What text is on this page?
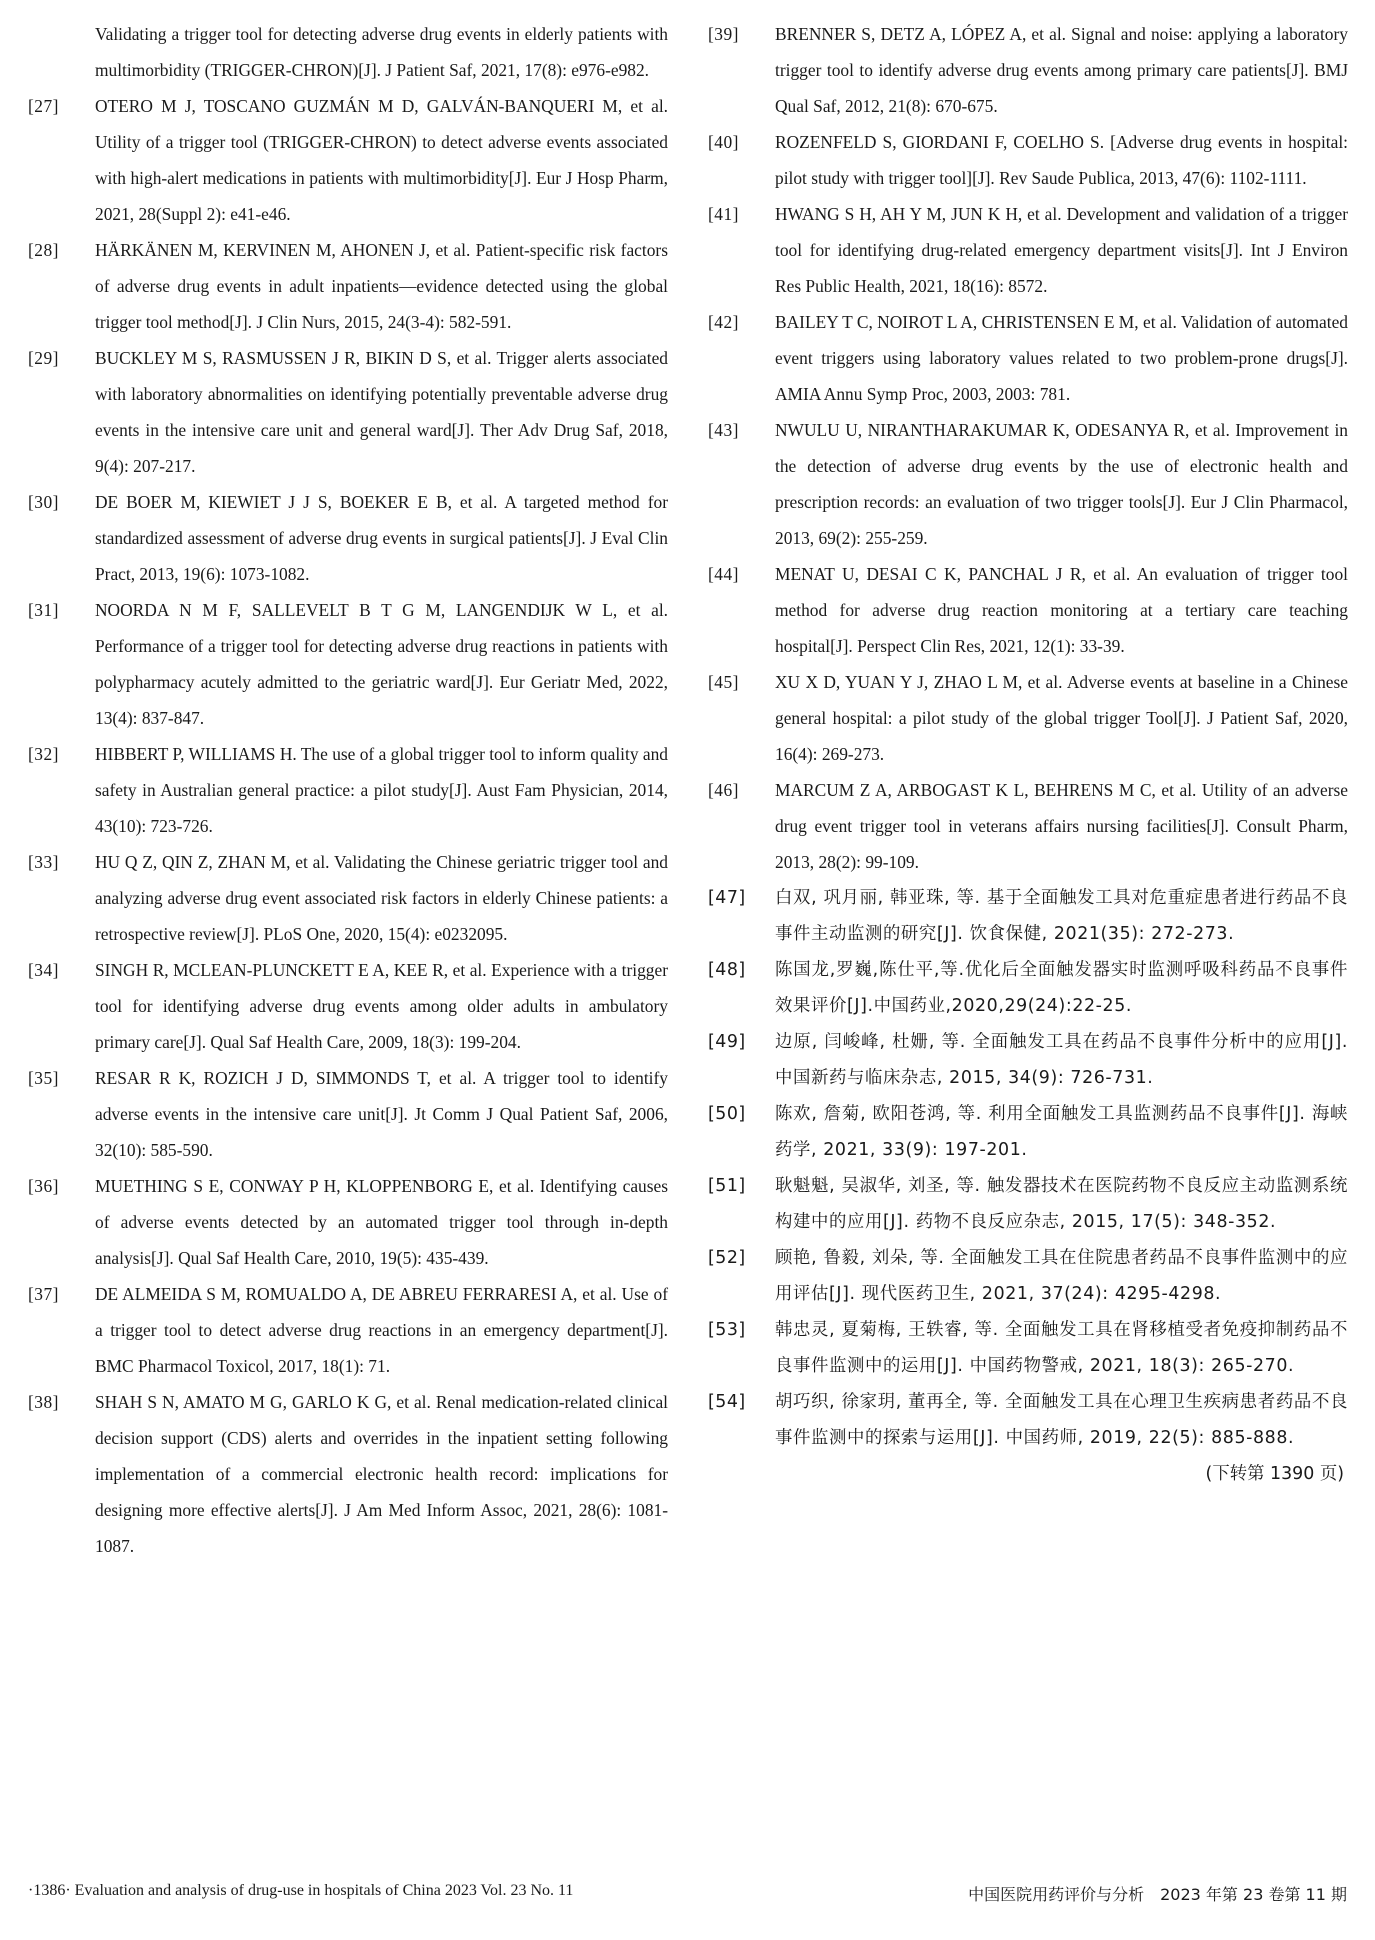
Validating a trigger tool for detecting adverse drug events in elderly patients with multimorbidity (TRIGGER-CHRON)[J]. J Patient Saf, 2021, 17(8): e976-e982.
[27]	OTERO M J, TOSCANO GUZMÁN M D, GALVÁN-BANQUERI M, et al. Utility of a trigger tool (TRIGGER-CHRON) to detect adverse events associated with high-alert medications in patients with multimorbidity[J]. Eur J Hosp Pharm, 2021, 28(Suppl 2): e41-e46.
[28]	HÄRKÄNEN M, KERVINEN M, AHONEN J, et al. Patient-specific risk factors of adverse drug events in adult inpatients—evidence detected using the global trigger tool method[J]. J Clin Nurs, 2015, 24(3-4): 582-591.
[29]	BUCKLEY M S, RASMUSSEN J R, BIKIN D S, et al. Trigger alerts associated with laboratory abnormalities on identifying potentially preventable adverse drug events in the intensive care unit and general ward[J]. Ther Adv Drug Saf, 2018, 9(4): 207-217.
[30]	DE BOER M, KIEWIET J J S, BOEKER E B, et al. A targeted method for standardized assessment of adverse drug events in surgical patients[J]. J Eval Clin Pract, 2013, 19(6): 1073-1082.
[31]	NOORDA N M F, SALLEVELT B T G M, LANGENDIJK W L, et al. Performance of a trigger tool for detecting adverse drug reactions in patients with polypharmacy acutely admitted to the geriatric ward[J]. Eur Geriatr Med, 2022, 13(4): 837-847.
[32]	HIBBERT P, WILLIAMS H. The use of a global trigger tool to inform quality and safety in Australian general practice: a pilot study[J]. Aust Fam Physician, 2014, 43(10): 723-726.
[33]	HU Q Z, QIN Z, ZHAN M, et al. Validating the Chinese geriatric trigger tool and analyzing adverse drug event associated risk factors in elderly Chinese patients: a retrospective review[J]. PLoS One, 2020, 15(4): e0232095.
[34]	SINGH R, MCLEAN-PLUNCKETT E A, KEE R, et al. Experience with a trigger tool for identifying adverse drug events among older adults in ambulatory primary care[J]. Qual Saf Health Care, 2009, 18(3): 199-204.
[35]	RESAR R K, ROZICH J D, SIMMONDS T, et al. A trigger tool to identify adverse events in the intensive care unit[J]. Jt Comm J Qual Patient Saf, 2006, 32(10): 585-590.
[36]	MUETHING S E, CONWAY P H, KLOPPENBORG E, et al. Identifying causes of adverse events detected by an automated trigger tool through in-depth analysis[J]. Qual Saf Health Care, 2010, 19(5): 435-439.
[37]	DE ALMEIDA S M, ROMUALDO A, DE ABREU FERRARESI A, et al. Use of a trigger tool to detect adverse drug reactions in an emergency department[J]. BMC Pharmacol Toxicol, 2017, 18(1): 71.
[38]	SHAH S N, AMATO M G, GARLO K G, et al. Renal medication-related clinical decision support (CDS) alerts and overrides in the inpatient setting following implementation of a commercial electronic health record: implications for designing more effective alerts[J]. J Am Med Inform Assoc, 2021, 28(6): 1081-1087.
[39]	BRENNER S, DETZ A, LÓPEZ A, et al. Signal and noise: applying a laboratory trigger tool to identify adverse drug events among primary care patients[J]. BMJ Qual Saf, 2012, 21(8): 670-675.
[40]	ROZENFELD S, GIORDANI F, COELHO S. [Adverse drug events in hospital: pilot study with trigger tool][J]. Rev Saude Publica, 2013, 47(6): 1102-1111.
[41]	HWANG S H, AH Y M, JUN K H, et al. Development and validation of a trigger tool for identifying drug-related emergency department visits[J]. Int J Environ Res Public Health, 2021, 18(16): 8572.
[42]	BAILEY T C, NOIROT L A, CHRISTENSEN E M, et al. Validation of automated event triggers using laboratory values related to two problem-prone drugs[J]. AMIA Annu Symp Proc, 2003, 2003: 781.
[43]	NWULU U, NIRANTHARAKUMAR K, ODESANYA R, et al. Improvement in the detection of adverse drug events by the use of electronic health and prescription records: an evaluation of two trigger tools[J]. Eur J Clin Pharmacol, 2013, 69(2): 255-259.
[44]	MENAT U, DESAI C K, PANCHAL J R, et al. An evaluation of trigger tool method for adverse drug reaction monitoring at a tertiary care teaching hospital[J]. Perspect Clin Res, 2021, 12(1): 33-39.
[45]	XU X D, YUAN Y J, ZHAO L M, et al. Adverse events at baseline in a Chinese general hospital: a pilot study of the global trigger Tool[J]. J Patient Saf, 2020, 16(4): 269-273.
[46]	MARCUM Z A, ARBOGAST K L, BEHRENS M C, et al. Utility of an adverse drug event trigger tool in veterans affairs nursing facilities[J]. Consult Pharm, 2013, 28(2): 99-109.
[47]	白双, 巩月丽, 韩亚珠, 等. 基于全面触发工具对危重症患者进行药品不良事件主动监测的研究[J]. 饮食保健, 2021(35): 272-273.
[48]	陈国龙,罗巍,陈仕平,等.优化后全面触发器实时监测呼吸科药品不良事件效果评价[J].中国药业,2020,29(24):22-25.
[49]	边原, 闫峻峰, 杜姗, 等. 全面触发工具在药品不良事件分析中的应用[J]. 中国新药与临床杂志, 2015, 34(9): 726-731.
[50]	陈欢, 詹菊, 欧阳苍鸿, 等. 利用全面触发工具监测药品不良事件[J]. 海峡药学, 2021, 33(9): 197-201.
[51]	耿魁魁, 吴淑华, 刘圣, 等. 触发器技术在医院药物不良反应主动监测系统构建中的应用[J]. 药物不良反应杂志, 2015, 17(5): 348-352.
[52]	顾艳, 鲁毅, 刘朵, 等. 全面触发工具在住院患者药品不良事件监测中的应用评估[J]. 现代医药卫生, 2021, 37(24): 4295-4298.
[53]	韩忠灵, 夏菊梅, 王轶睿, 等. 全面触发工具在肾移植受者免疫抑制药品不良事件监测中的运用[J]. 中国药物警戒, 2021, 18(3): 265-270.
[54]	胡巧织, 徐家玥, 董再全, 等. 全面触发工具在心理卫生疾病患者药品不良事件监测中的探索与运用[J]. 中国药师, 2019, 22(5): 885-888.
(下转第 1390 页)
·1386· Evaluation and analysis of drug-use in hospitals of China 2023 Vol. 23 No. 11	中国医院用药评价与分析　2023 年第 23 卷第 11 期
